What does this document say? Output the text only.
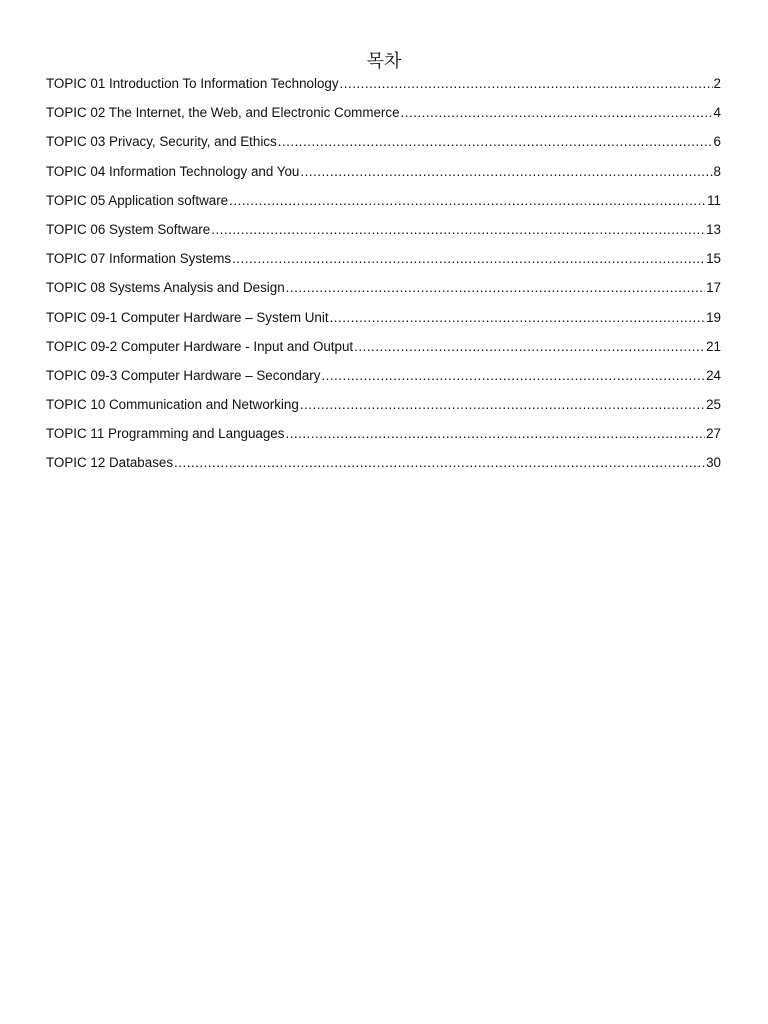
목차
TOPIC 01 Introduction To Information Technology .....	2
TOPIC 02 The Internet, the Web, and Electronic Commerce .....	4
TOPIC 03 Privacy, Security, and Ethics .....	6
TOPIC 04 Information Technology and You .....	8
TOPIC 05 Application software .....	11
TOPIC 06 System Software .....	13
TOPIC 07 Information Systems .....	15
TOPIC 08 Systems Analysis and Design .....	17
TOPIC 09-1 Computer Hardware – System Unit .....	19
TOPIC 09-2 Computer Hardware - Input and Output .....	21
TOPIC 09-3 Computer Hardware – Secondary .....	24
TOPIC 10 Communication and Networking .....	25
TOPIC 11 Programming and Languages .....	27
TOPIC 12 Databases .....	30
